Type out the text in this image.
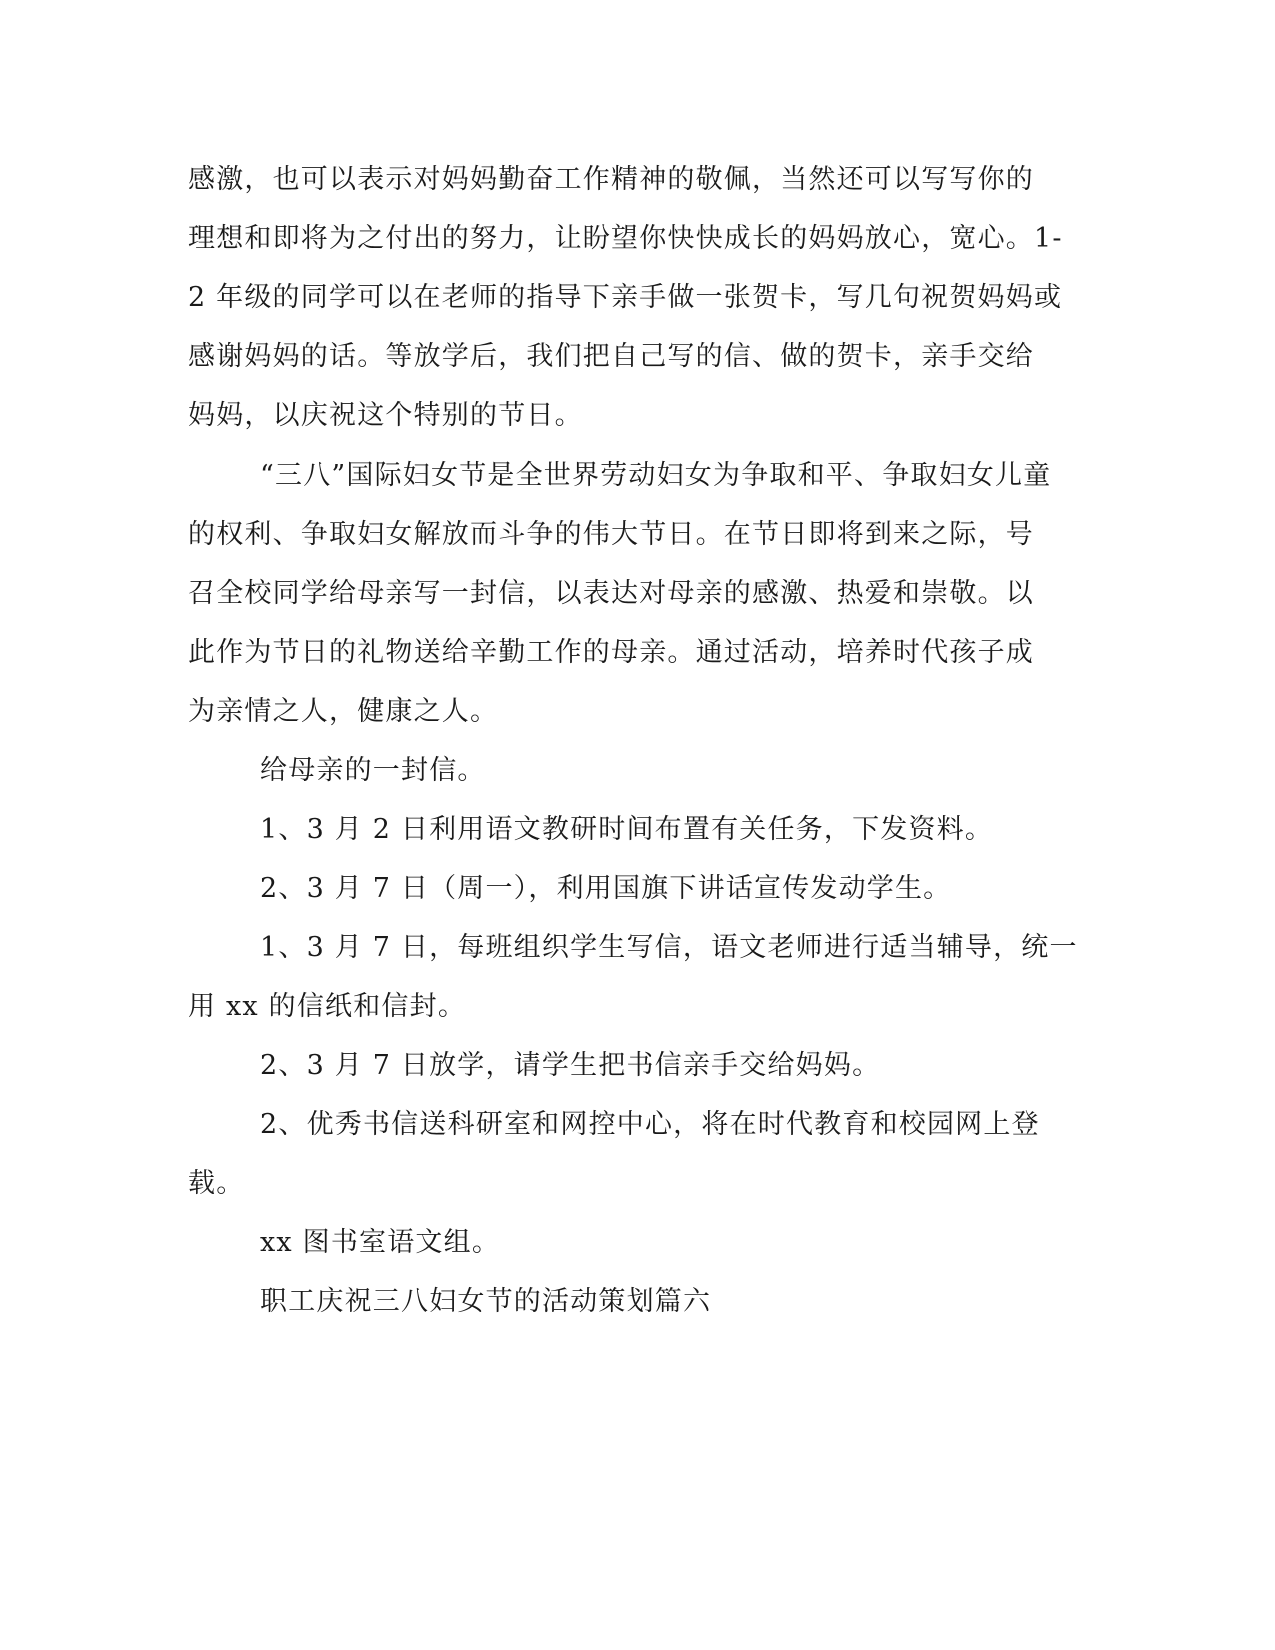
感激，也可以表示对妈妈勤奋工作精神的敬佩，当然还可以写写你的
理想和即将为之付出的努力，让盼望你快快成长的妈妈放心，宽心。1-
2 年级的同学可以在老师的指导下亲手做一张贺卡，写几句祝贺妈妈或
感谢妈妈的话。等放学后，我们把自己写的信、做的贺卡，亲手交给
妈妈，以庆祝这个特别的节日。
“三八”国际妇女节是全世界劳动妇女为争取和平、争取妇女儿童
的权利、争取妇女解放而斗争的伟大节日。在节日即将到来之际，号
召全校同学给母亲写一封信，以表达对母亲的感激、热爱和崇敬。以
此作为节日的礼物送给辛勤工作的母亲。通过活动，培养时代孩子成
为亲情之人，健康之人。
给母亲的一封信。
1、3 月 2 日利用语文教研时间布置有关任务，下发资料。
2、3 月 7 日（周一），利用国旗下讲话宣传发动学生。
1、3 月 7 日，每班组织学生写信，语文老师进行适当辅导，统一
用 xx 的信纸和信封。
2、3 月 7 日放学，请学生把书信亲手交给妈妈。
2、优秀书信送科研室和网控中心，将在时代教育和校园网上登
载。
xx 图书室语文组。
职工庆祝三八妇女节的活动策划篇六
